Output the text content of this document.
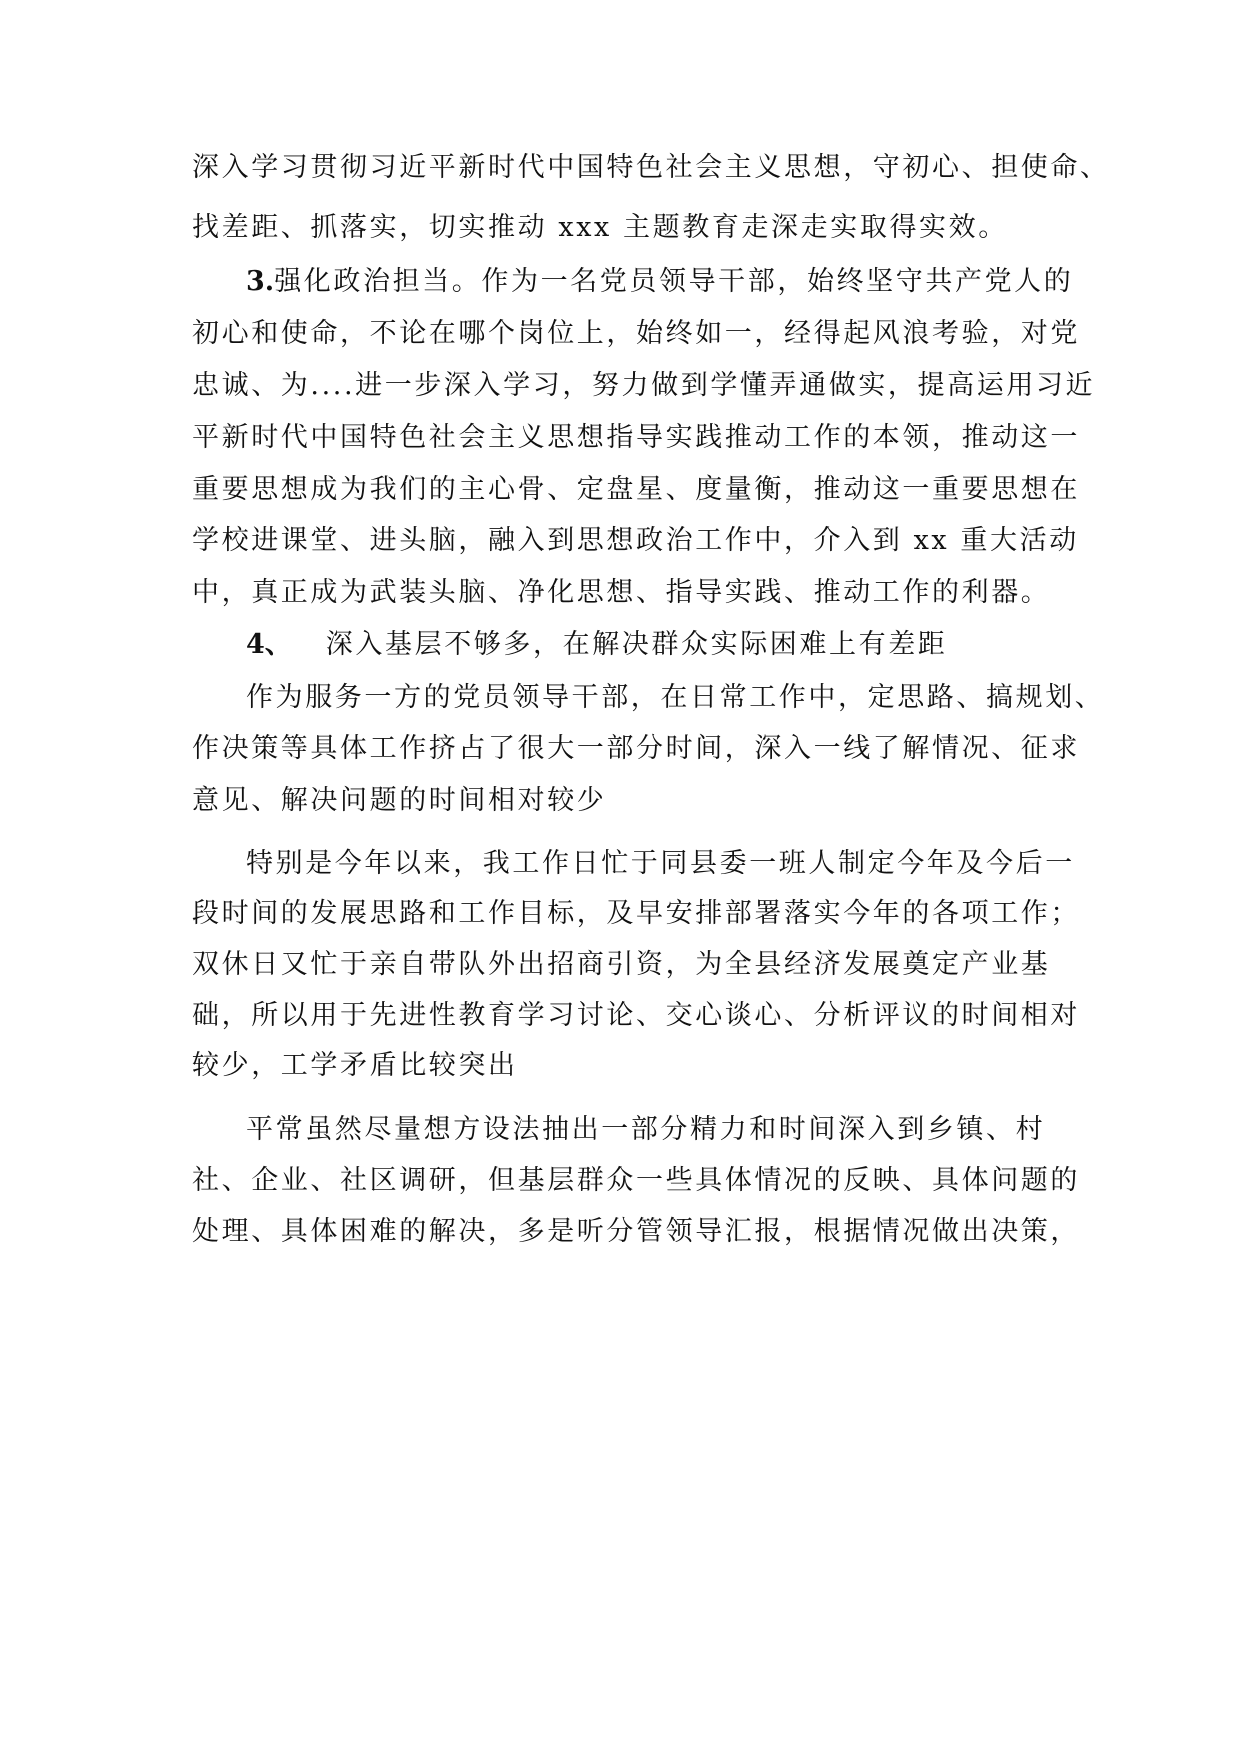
深入学习贯彻习近平新时代中国特色社会主义思想，守初心、担使命、
找差距、抓落实，切实推动 xxx 主题教育走深走实取得实效。
3.强化政治担当。作为一名党员领导干部，始终坚守共产党人的
初心和使命，不论在哪个岗位上，始终如一，经得起风浪考验，对党
忠诚、为....进一步深入学习，努力做到学懂弄通做实，提高运用习近
平新时代中国特色社会主义思想指导实践推动工作的本领，推动这一
重要思想成为我们的主心骨、定盘星、度量衡，推动这一重要思想在
学校进课堂、进头脑，融入到思想政治工作中，介入到 xx 重大活动
中，真正成为武装头脑、净化思想、指导实践、推动工作的利器。
4、 深入基层不够多，在解决群众实际困难上有差距
作为服务一方的党员领导干部，在日常工作中，定思路、搞规划、
作决策等具体工作挤占了很大一部分时间，深入一线了解情况、征求
意见、解决问题的时间相对较少
特别是今年以来，我工作日忙于同县委一班人制定今年及今后一
段时间的发展思路和工作目标，及早安排部署落实今年的各项工作；
双休日又忙于亲自带队外出招商引资，为全县经济发展奠定产业基
础，所以用于先进性教育学习讨论、交心谈心、分析评议的时间相对
较少，工学矛盾比较突出
平常虽然尽量想方设法抽出一部分精力和时间深入到乡镇、村
社、企业、社区调研，但基层群众一些具体情况的反映、具体问题的
处理、具体困难的解决，多是听分管领导汇报，根据情况做出决策，
